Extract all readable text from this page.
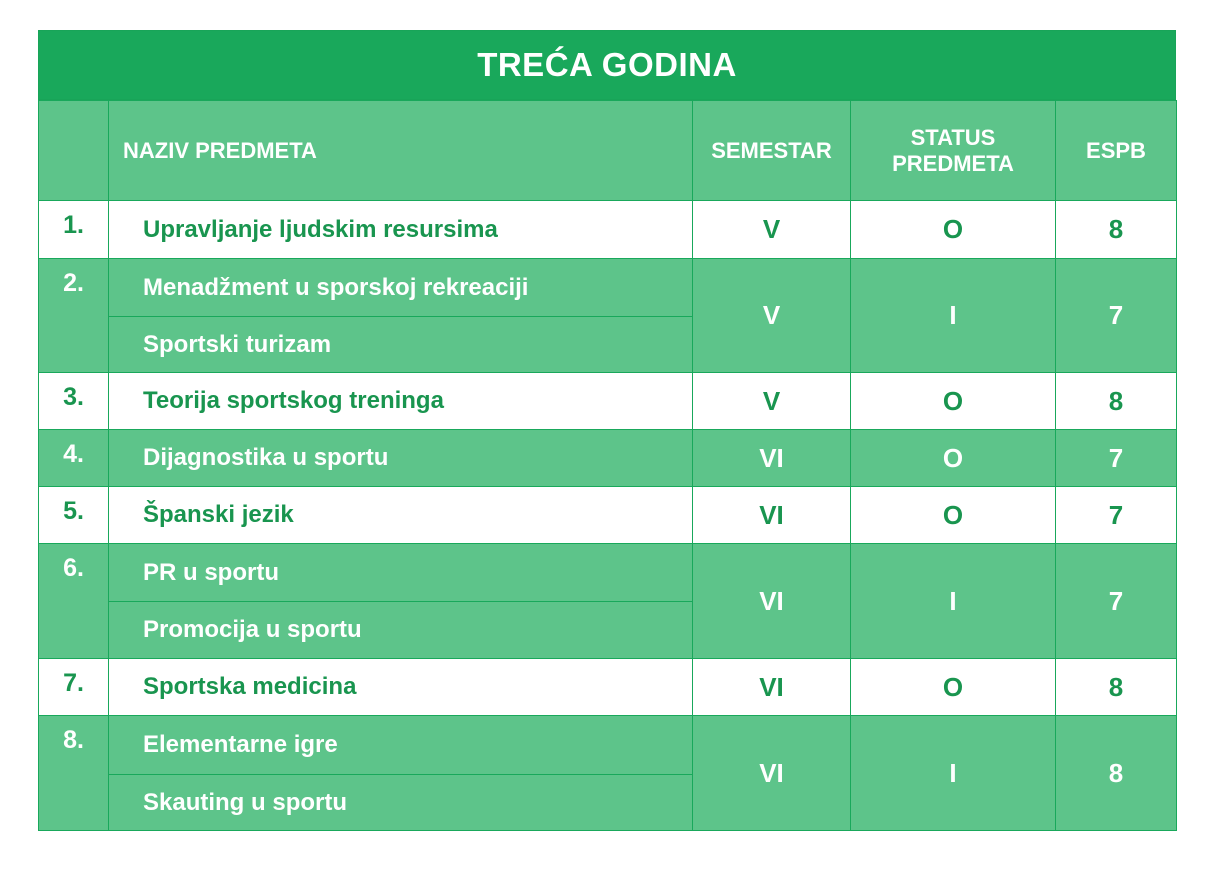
TREĆA GODINA
	NAZIV PREDMETA	SEMESTAR	STATUS
PREDMETA	ESPB
1.	Upravljanje ljudskim resursima	V	O	8
2.	Menadžment u sporskoj rekreaciji	V	I	7
	Sportski turizam			
3.	Teorija sportskog treninga	V	O	8
4.	Dijagnostika u sportu	VI	O	7
5.	Španski jezik	VI	O	7
6.	PR u sportu	VI	I	7
	Promocija u sportu			
7.	Sportska medicina	VI	O	8
8.	Elementarne igre	VI	I	8
	Skauting u sportu			
